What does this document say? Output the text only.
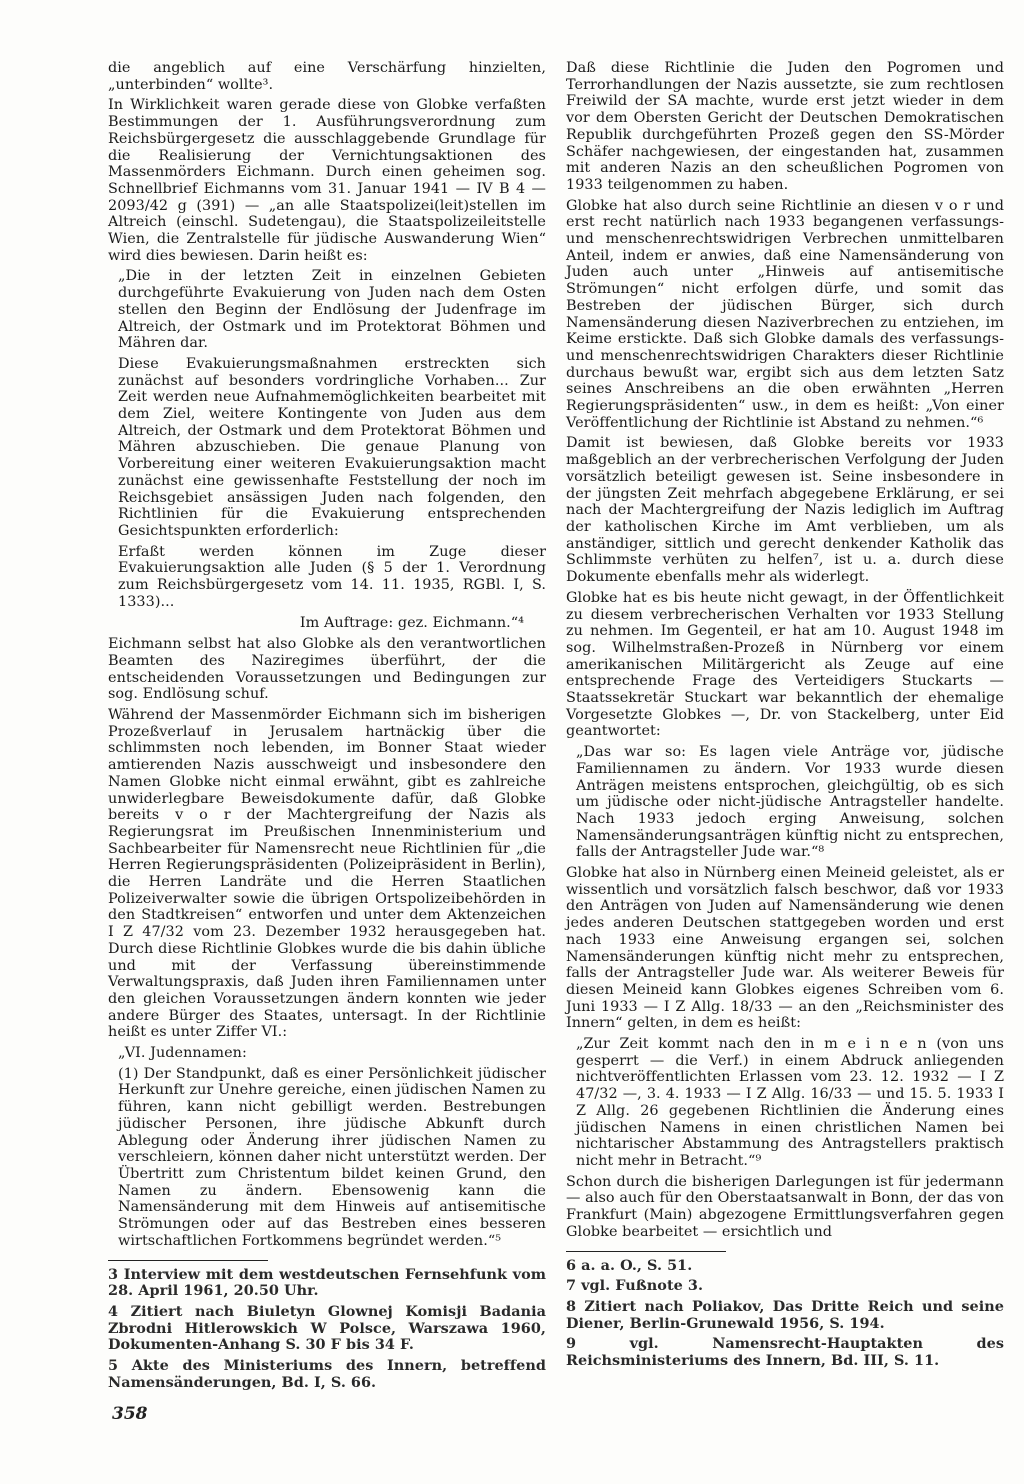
die angeblich auf eine Verschärfung hinzielten, „unterbinden“ wollte³.

In Wirklichkeit waren gerade diese von Globke verfaßten Bestimmungen der 1. Ausführungsverordnung zum Reichsbürgergesetz die ausschlaggebende Grundlage für die Realisierung der Vernichtungsaktionen des Massenmörders Eichmann. Durch einen geheimen sog. Schnellbrief Eichmanns vom 31. Januar 1941 — IV B 4 — 2093/42 g (391) — „an alle Staatspolizei(leit)stellen im Altreich (einschl. Sudetengau), die Staatspolizeileitstelle Wien, die Zentralstelle für jüdische Auswanderung Wien“ wird dies bewiesen. Darin heißt es:

„Die in der letzten Zeit in einzelnen Gebieten durchgeführte Evakuierung von Juden nach dem Osten stellen den Beginn der Endlösung der Judenfrage im Altreich, der Ostmark und im Protektorat Böhmen und Mähren dar.

Diese Evakuierungsmaßnahmen erstreckten sich zunächst auf besonders vordringliche Vorhaben... Zur Zeit werden neue Aufnahmemöglichkeiten bearbeitet mit dem Ziel, weitere Kontingente von Juden aus dem Altreich, der Ostmark und dem Protektorat Böhmen und Mähren abzuschieben. Die genaue Planung von Vorbereitung einer weiteren Evakuierungsaktion macht zunächst eine gewissenhafte Feststellung der noch im Reichsgebiet ansässigen Juden nach folgenden, den Richtlinien für die Evakuierung entsprechenden Gesichtspunkten erforderlich:

Erfaßt werden können im Zuge dieser Evakuierungsaktion alle Juden (§ 5 der 1. Verordnung zum Reichsbürgergesetz vom 14. 11. 1935, RGBl. I, S. 1333)...

Im Auftrage: gez. Eichmann.“⁴

Eichmann selbst hat also Globke als den verantwortlichen Beamten des Naziregimes überführt, der die entscheidenden Voraussetzungen und Bedingungen zur sog. Endlösung schuf.

Während der Massenmörder Eichmann sich im bisherigen Prozeßverlauf in Jerusalem hartnäckig über die schlimmsten noch lebenden, im Bonner Staat wieder amtierenden Nazis ausschweigt und insbesondere den Namen Globke nicht einmal erwähnt, gibt es zahlreiche unwiderlegbare Beweisdokumente dafür, daß Globke bereits v o r der Machtergreifung der Nazis als Regierungsrat im Preußischen Innenministerium und Sachbearbeiter für Namensrecht neue Richtlinien für „die Herren Regierungspräsidenten (Polizeipräsident in Berlin), die Herren Landräte und die Herren Staatlichen Polizeiverwalter sowie die übrigen Ortspolizeibehörden in den Stadtkreisen“ entworfen und unter dem Aktenzeichen I Z 47/32 vom 23. Dezember 1932 herausgegeben hat. Durch diese Richtlinie Globkes wurde die bis dahin übliche und mit der Verfassung übereinstimmende Verwaltungspraxis, daß Juden ihren Familiennamen unter den gleichen Voraussetzungen ändern konnten wie jeder andere Bürger des Staates, untersagt. In der Richtlinie heißt es unter Ziffer VI.:

„VI. Judennamen:

(1) Der Standpunkt, daß es einer Persönlichkeit jüdischer Herkunft zur Unehre gereiche, einen jüdischen Namen zu führen, kann nicht gebilligt werden. Bestrebungen jüdischer Personen, ihre jüdische Abkunft durch Ablegung oder Änderung ihrer jüdischen Namen zu verschleiern, können daher nicht unterstützt werden. Der Übertritt zum Christentum bildet keinen Grund, den Namen zu ändern. Ebensowenig kann die Namensänderung mit dem Hinweis auf antisemitische Strömungen oder auf das Bestreben eines besseren wirtschaftlichen Fortkommens begründet werden.“⁵

3 Interview mit dem westdeutschen Fernsehfunk vom 28. April 1961, 20.50 Uhr.

4 Zitiert nach Biuletyn Glownej Komisji Badania Zbrodni Hitlerowskich W Polsce, Warszawa 1960, Dokumenten-Anhang S. 30 F bis 34 F.

5 Akte des Ministeriums des Innern, betreffend Namensänderungen, Bd. I, S. 66.

Daß diese Richtlinie die Juden den Pogromen und Terrorhandlungen der Nazis aussetzte, sie zum rechtlosen Freiwild der SA machte, wurde erst jetzt wieder in dem vor dem Obersten Gericht der Deutschen Demokratischen Republik durchgeführten Prozeß gegen den SS-Mörder Schäfer nachgewiesen, der eingestanden hat, zusammen mit anderen Nazis an den scheußlichen Pogromen von 1933 teilgenommen zu haben.

Globke hat also durch seine Richtlinie an diesen v o r und erst recht natürlich nach 1933 begangenen verfassungs- und menschenrechtswidrigen Verbrechen unmittelbaren Anteil, indem er anwies, daß eine Namensänderung von Juden auch unter „Hinweis auf antisemitische Strömungen“ nicht erfolgen dürfe, und somit das Bestreben der jüdischen Bürger, sich durch Namensänderung diesen Naziverbrechen zu entziehen, im Keime erstickte. Daß sich Globke damals des verfassungs- und menschenrechtswidrigen Charakters dieser Richtlinie durchaus bewußt war, ergibt sich aus dem letzten Satz seines Anschreibens an die oben erwähnten „Herren Regierungspräsidenten“ usw., in dem es heißt: „Von einer Veröffentlichung der Richtlinie ist Abstand zu nehmen.“⁶

Damit ist bewiesen, daß Globke bereits vor 1933 maßgeblich an der verbrecherischen Verfolgung der Juden vorsätzlich beteiligt gewesen ist. Seine insbesondere in der jüngsten Zeit mehrfach abgegebene Erklärung, er sei nach der Machtergreifung der Nazis lediglich im Auftrag der katholischen Kirche im Amt verblieben, um als anständiger, sittlich und gerecht denkender Katholik das Schlimmste verhüten zu helfen⁷, ist u. a. durch diese Dokumente ebenfalls mehr als widerlegt.

Globke hat es bis heute nicht gewagt, in der Öffentlichkeit zu diesem verbrecherischen Verhalten vor 1933 Stellung zu nehmen. Im Gegenteil, er hat am 10. August 1948 im sog. Wilhelmstraßen-Prozeß in Nürnberg vor einem amerikanischen Militärgericht als Zeuge auf eine entsprechende Frage des Verteidigers Stuckarts — Staatssekretär Stuckart war bekanntlich der ehemalige Vorgesetzte Globkes —, Dr. von Stackelberg, unter Eid geantwortet:

„Das war so: Es lagen viele Anträge vor, jüdische Familiennamen zu ändern. Vor 1933 wurde diesen Anträgen meistens entsprochen, gleichgültig, ob es sich um jüdische oder nicht-jüdische Antragsteller handelte. Nach 1933 jedoch erging Anweisung, solchen Namensänderungsanträgen künftig nicht zu entsprechen, falls der Antragsteller Jude war.“⁸

Globke hat also in Nürnberg einen Meineid geleistet, als er wissentlich und vorsätzlich falsch beschwor, daß vor 1933 den Anträgen von Juden auf Namensänderung wie denen jedes anderen Deutschen stattgegeben worden und erst nach 1933 eine Anweisung ergangen sei, solchen Namensänderungen künftig nicht mehr zu entsprechen, falls der Antragsteller Jude war. Als weiterer Beweis für diesen Meineid kann Globkes eigenes Schreiben vom 6. Juni 1933 — I Z Allg. 18/33 — an den „Reichsminister des Innern“ gelten, in dem es heißt:

„Zur Zeit kommt nach den in m e i n e n (von uns gesperrt — die Verf.) in einem Abdruck anliegenden nichtveröffentlichten Erlassen vom 23. 12. 1932 — I Z 47/32 —, 3. 4. 1933 — I Z Allg. 16/33 — und 15. 5. 1933 I Z Allg. 26 gegebenen Richtlinien die Änderung eines jüdischen Namens in einen christlichen Namen bei nichtarischer Abstammung des Antragstellers praktisch nicht mehr in Betracht.“⁹

Schon durch die bisherigen Darlegungen ist für jedermann — also auch für den Oberstaatsanwalt in Bonn, der das von Frankfurt (Main) abgezogene Ermittlungsverfahren gegen Globke bearbeitet — ersichtlich und

6 a. a. O., S. 51.

7 vgl. Fußnote 3.

8 Zitiert nach Poliakov, Das Dritte Reich und seine Diener, Berlin-Grunewald 1956, S. 194.

9 vgl. Namensrecht-Hauptakten des Reichsministeriums des Innern, Bd. III, S. 11.

358
